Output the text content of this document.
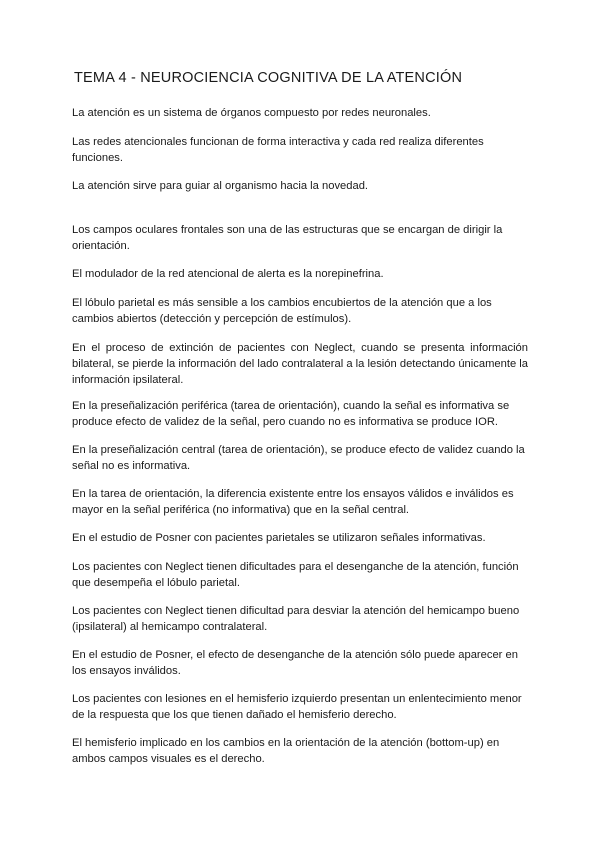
TEMA 4 - NEUROCIENCIA COGNITIVA DE LA ATENCIÓN

La atención es un sistema de órganos compuesto por redes neuronales.

Las redes atencionales funcionan de forma interactiva y cada red realiza diferentes funciones.

La atención sirve para guiar al organismo hacia la novedad.

Los campos oculares frontales son una de las estructuras que se encargan de dirigir la orientación.

El modulador de la red atencional de alerta es la norepinefrina.

El lóbulo parietal es más sensible a los cambios encubiertos de la atención que a los cambios abiertos (detección y percepción de estímulos).

En el proceso de extinción de pacientes con Neglect, cuando se presenta información bilateral, se pierde la información del lado contralateral a la lesión detectando únicamente la información ipsilateral.

En la preseñalización periférica (tarea de orientación), cuando la señal es informativa se produce efecto de validez de la señal, pero cuando no es informativa se produce IOR.

En la preseñalización central (tarea de orientación), se produce efecto de validez cuando la señal no es informativa.

En la tarea de orientación, la diferencia existente entre los ensayos válidos e inválidos es mayor en la señal periférica (no informativa) que en la señal central.

En el estudio de Posner con pacientes parietales se utilizaron señales informativas.

Los pacientes con Neglect tienen dificultades para el desenganche de la atención, función que desempeña el lóbulo parietal.

Los pacientes con Neglect tienen dificultad para desviar la atención del hemicampo bueno (ipsilateral) al hemicampo contralateral.

En el estudio de Posner, el efecto de desenganche de la atención sólo puede aparecer en los ensayos inválidos.

Los pacientes con lesiones en el hemisferio izquierdo presentan un enlentecimiento menor de la respuesta que los que tienen dañado el hemisferio derecho.

El hemisferio implicado en los cambios en la orientación de la atención (bottom-up) en ambos campos visuales es el derecho.
